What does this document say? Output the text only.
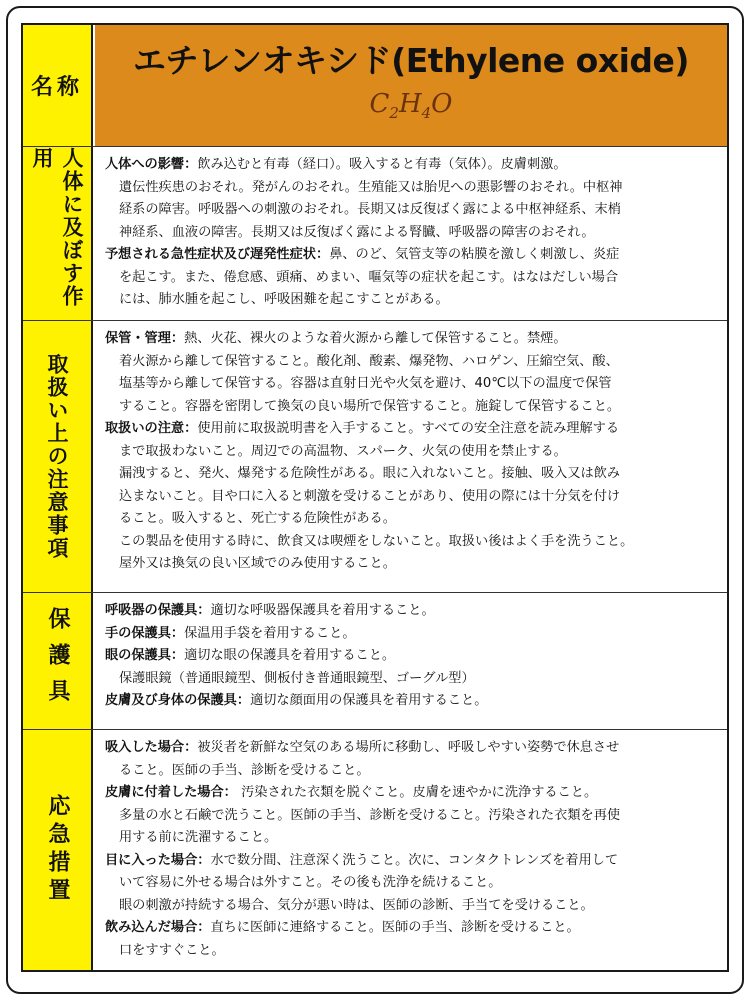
名称
エチレンオキシド(Ethylene oxide)
$C_2H_4O$
人体に及ぼす作用	人体への影響：飲み込むと有毒（経口）。吸入すると有毒（気体）。皮膚刺激。
遺伝性疾患のおそれ。発がんのおそれ。生殖能又は胎児への悪影響のおそれ。中枢神
経系の障害。呼吸器への刺激のおそれ。長期又は反復ばく露による中枢神経系、末梢
神経系、血液の障害。長期又は反復ばく露による腎臓、呼吸器の障害のおそれ。
予想される急性症状及び遅発性症状：鼻、のど、気管支等の粘膜を激しく刺激し、炎症
を起こす。また、倦怠感、頭痛、めまい、嘔気等の症状を起こす。はなはだしい場合
には、肺水腫を起こし、呼吸困難を起こすことがある。
取扱い上の注意事項
保管・管理：熱、火花、裸火のような着火源から離して保管すること。禁煙。
着火源から離して保管すること。酸化剤、酸素、爆発物、ハロゲン、圧縮空気、酸、
塩基等から離して保管する。容器は直射日光や火気を避け、40℃以下の温度で保管
すること。容器を密閉して換気の良い場所で保管すること。施錠して保管すること。
取扱いの注意：使用前に取扱説明書を入手すること。すべての安全注意を読み理解する
まで取扱わないこと。周辺での高温物、スパーク、火気の使用を禁止する。
漏洩すると、発火、爆発する危険性がある。眼に入れないこと。接触、吸入又は飲み
込まないこと。目や口に入ると刺激を受けることがあり、使用の際には十分気を付け
ること。吸入すると、死亡する危険性がある。
この製品を使用する時に、飲食又は喫煙をしないこと。取扱い後はよく手を洗うこと。
屋外又は換気の良い区域でのみ使用すること。
保護具	呼吸器の保護具：適切な呼吸器保護具を着用すること。
手の保護具：保温用手袋を着用すること。
眼の保護具：適切な眼の保護具を着用すること。
保護眼鏡（普通眼鏡型、側板付き普通眼鏡型、ゴーグル型）
皮膚及び身体の保護具：適切な顔面用の保護具を着用すること。
応急措置
吸入した場合：被災者を新鮮な空気のある場所に移動し、呼吸しやすい姿勢で休息させ
ること。医師の手当、診断を受けること。
皮膚に付着した場合： 汚染された衣類を脱ぐこと。皮膚を速やかに洗浄すること。
多量の水と石鹸で洗うこと。医師の手当、診断を受けること。汚染された衣類を再使
用する前に洗濯すること。
目に入った場合：水で数分間、注意深く洗うこと。次に、コンタクトレンズを着用して
いて容易に外せる場合は外すこと。その後も洗浄を続けること。
眼の刺激が持続する場合、気分が悪い時は、医師の診断、手当てを受けること。
飲み込んだ場合：直ちに医師に連絡すること。医師の手当、診断を受けること。
口をすすぐこと。
